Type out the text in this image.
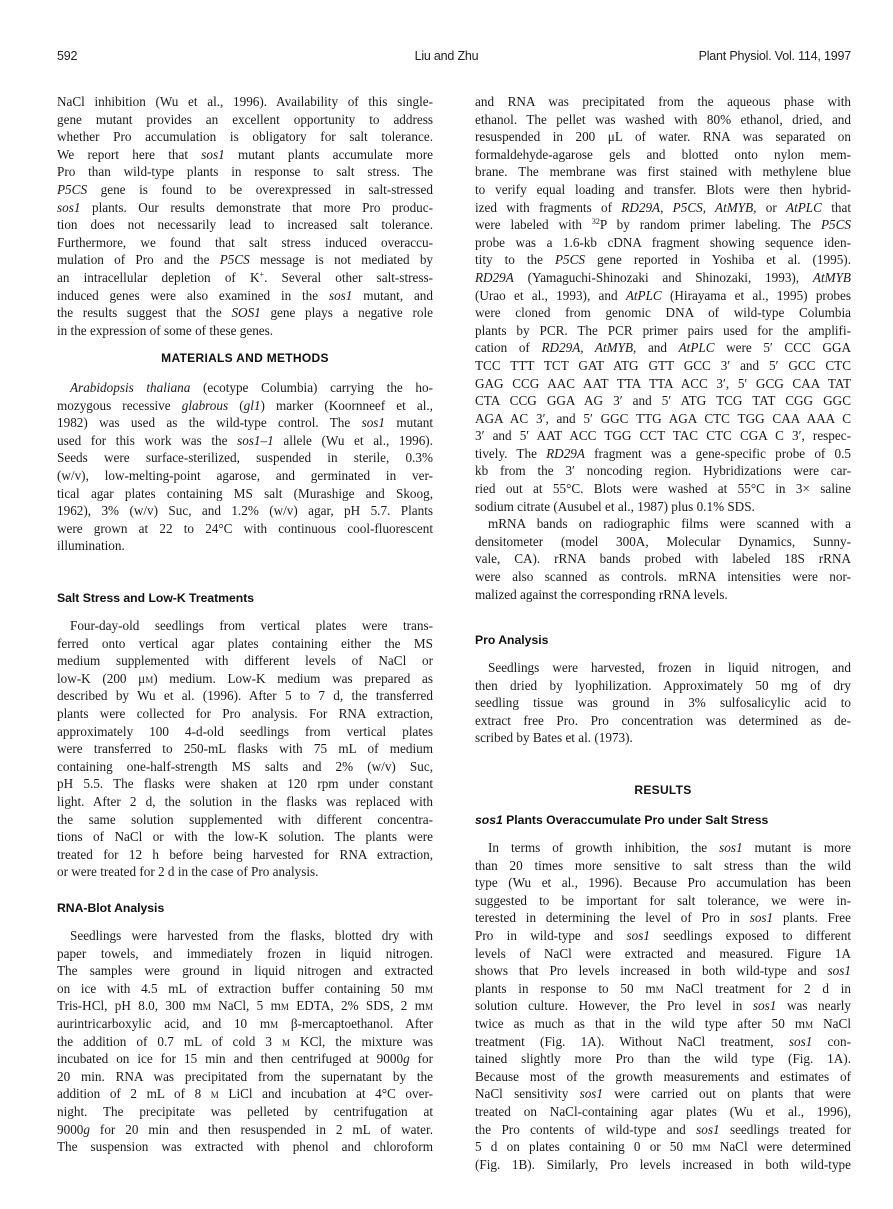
592	Liu and Zhu	Plant Physiol. Vol. 114, 1997
NaCl inhibition (Wu et al., 1996). Availability of this single-
gene mutant provides an excellent opportunity to address
whether Pro accumulation is obligatory for salt tolerance.
We report here that sos1 mutant plants accumulate more
Pro than wild-type plants in response to salt stress. The
P5CS gene is found to be overexpressed in salt-stressed
sos1 plants. Our results demonstrate that more Pro produc-
tion does not necessarily lead to increased salt tolerance.
Furthermore, we found that salt stress induced overaccu-
mulation of Pro and the P5CS message is not mediated by
an intracellular depletion of K+. Several other salt-stress-
induced genes were also examined in the sos1 mutant, and
the results suggest that the SOS1 gene plays a negative role
in the expression of some of these genes.
MATERIALS AND METHODS
Arabidopsis thaliana (ecotype Columbia) carrying the ho-
mozygous recessive glabrous (gl1) marker (Koornneef et al.,
1982) was used as the wild-type control. The sos1 mutant
used for this work was the sos1–1 allele (Wu et al., 1996).
Seeds were surface-sterilized, suspended in sterile, 0.3%
(w/v), low-melting-point agarose, and germinated in ver-
tical agar plates containing MS salt (Murashige and Skoog,
1962), 3% (w/v) Suc, and 1.2% (w/v) agar, pH 5.7. Plants
were grown at 22 to 24°C with continuous cool-fluorescent
illumination.
Salt Stress and Low-K Treatments
Four-day-old seedlings from vertical plates were trans-
ferred onto vertical agar plates containing either the MS
medium supplemented with different levels of NaCl or
low-K (200 μm) medium. Low-K medium was prepared as
described by Wu et al. (1996). After 5 to 7 d, the transferred
plants were collected for Pro analysis. For RNA extraction,
approximately 100 4-d-old seedlings from vertical plates
were transferred to 250-mL flasks with 75 mL of medium
containing one-half-strength MS salts and 2% (w/v) Suc,
pH 5.5. The flasks were shaken at 120 rpm under constant
light. After 2 d, the solution in the flasks was replaced with
the same solution supplemented with different concentra-
tions of NaCl or with the low-K solution. The plants were
treated for 12 h before being harvested for RNA extraction,
or were treated for 2 d in the case of Pro analysis.
RNA-Blot Analysis
Seedlings were harvested from the flasks, blotted dry with
paper towels, and immediately frozen in liquid nitrogen.
The samples were ground in liquid nitrogen and extracted
on ice with 4.5 mL of extraction buffer containing 50 mm
Tris-HCl, pH 8.0, 300 mm NaCl, 5 mm EDTA, 2% SDS, 2 mm
aurintricarboxylic acid, and 10 mm β-mercaptoethanol. After
the addition of 0.7 mL of cold 3 m KCl, the mixture was
incubated on ice for 15 min and then centrifuged at 9000g for
20 min. RNA was precipitated from the supernatant by the
addition of 2 mL of 8 m LiCl and incubation at 4°C over-
night. The precipitate was pelleted by centrifugation at
9000g for 20 min and then resuspended in 2 mL of water.
The suspension was extracted with phenol and chloroform
and RNA was precipitated from the aqueous phase with
ethanol. The pellet was washed with 80% ethanol, dried, and
resuspended in 200 μL of water. RNA was separated on
formaldehyde-agarose gels and blotted onto nylon mem-
brane. The membrane was first stained with methylene blue
to verify equal loading and transfer. Blots were then hybrid-
ized with fragments of RD29A, P5CS, AtMYB, or AtPLC that
were labeled with $^{32}$P by random primer labeling. The P5CS
probe was a 1.6-kb cDNA fragment showing sequence iden-
tity to the P5CS gene reported in Yoshiba et al. (1995).
RD29A (Yamaguchi-Shinozaki and Shinozaki, 1993), AtMYB
(Urao et al., 1993), and AtPLC (Hirayama et al., 1995) probes
were cloned from genomic DNA of wild-type Columbia
plants by PCR. The PCR primer pairs used for the amplifi-
cation of RD29A, AtMYB, and AtPLC were 5′ CCC GGA
TCC TTT TCT GAT ATG GTT GCC 3′ and 5′ GCC CTC
GAG CCG AAC AAT TTA TTA ACC 3′, 5′ GCG CAA TAT
CTA CCG GGA AG 3′ and 5′ ATG TCG TAT CGG GGC
AGA AC 3′, and 5′ GGC TTG AGA CTC TGG CAA AAA C
3′ and 5′ AAT ACC TGG CCT TAC CTC CGA C 3′, respec-
tively. The RD29A fragment was a gene-specific probe of 0.5
kb from the 3′ noncoding region. Hybridizations were car-
ried out at 55°C. Blots were washed at 55°C in 3× saline
sodium citrate (Ausubel et al., 1987) plus 0.1% SDS.
mRNA bands on radiographic films were scanned with a
densitometer (model 300A, Molecular Dynamics, Sunny-
vale, CA). rRNA bands probed with labeled 18S rRNA
were also scanned as controls. mRNA intensities were nor-
malized against the corresponding rRNA levels.
Pro Analysis
Seedlings were harvested, frozen in liquid nitrogen, and
then dried by lyophilization. Approximately 50 mg of dry
seedling tissue was ground in 3% sulfosalicylic acid to
extract free Pro. Pro concentration was determined as de-
scribed by Bates et al. (1973).
RESULTS
sos1 Plants Overaccumulate Pro under Salt Stress
In terms of growth inhibition, the sos1 mutant is more
than 20 times more sensitive to salt stress than the wild
type (Wu et al., 1996). Because Pro accumulation has been
suggested to be important for salt tolerance, we were in-
terested in determining the level of Pro in sos1 plants. Free
Pro in wild-type and sos1 seedlings exposed to different
levels of NaCl were extracted and measured. Figure 1A
shows that Pro levels increased in both wild-type and sos1
plants in response to 50 mm NaCl treatment for 2 d in
solution culture. However, the Pro level in sos1 was nearly
twice as much as that in the wild type after 50 mm NaCl
treatment (Fig. 1A). Without NaCl treatment, sos1 con-
tained slightly more Pro than the wild type (Fig. 1A).
Because most of the growth measurements and estimates of
NaCl sensitivity sos1 were carried out on plants that were
treated on NaCl-containing agar plates (Wu et al., 1996),
the Pro contents of wild-type and sos1 seedlings treated for
5 d on plates containing 0 or 50 mm NaCl were determined
(Fig. 1B). Similarly, Pro levels increased in both wild-type
